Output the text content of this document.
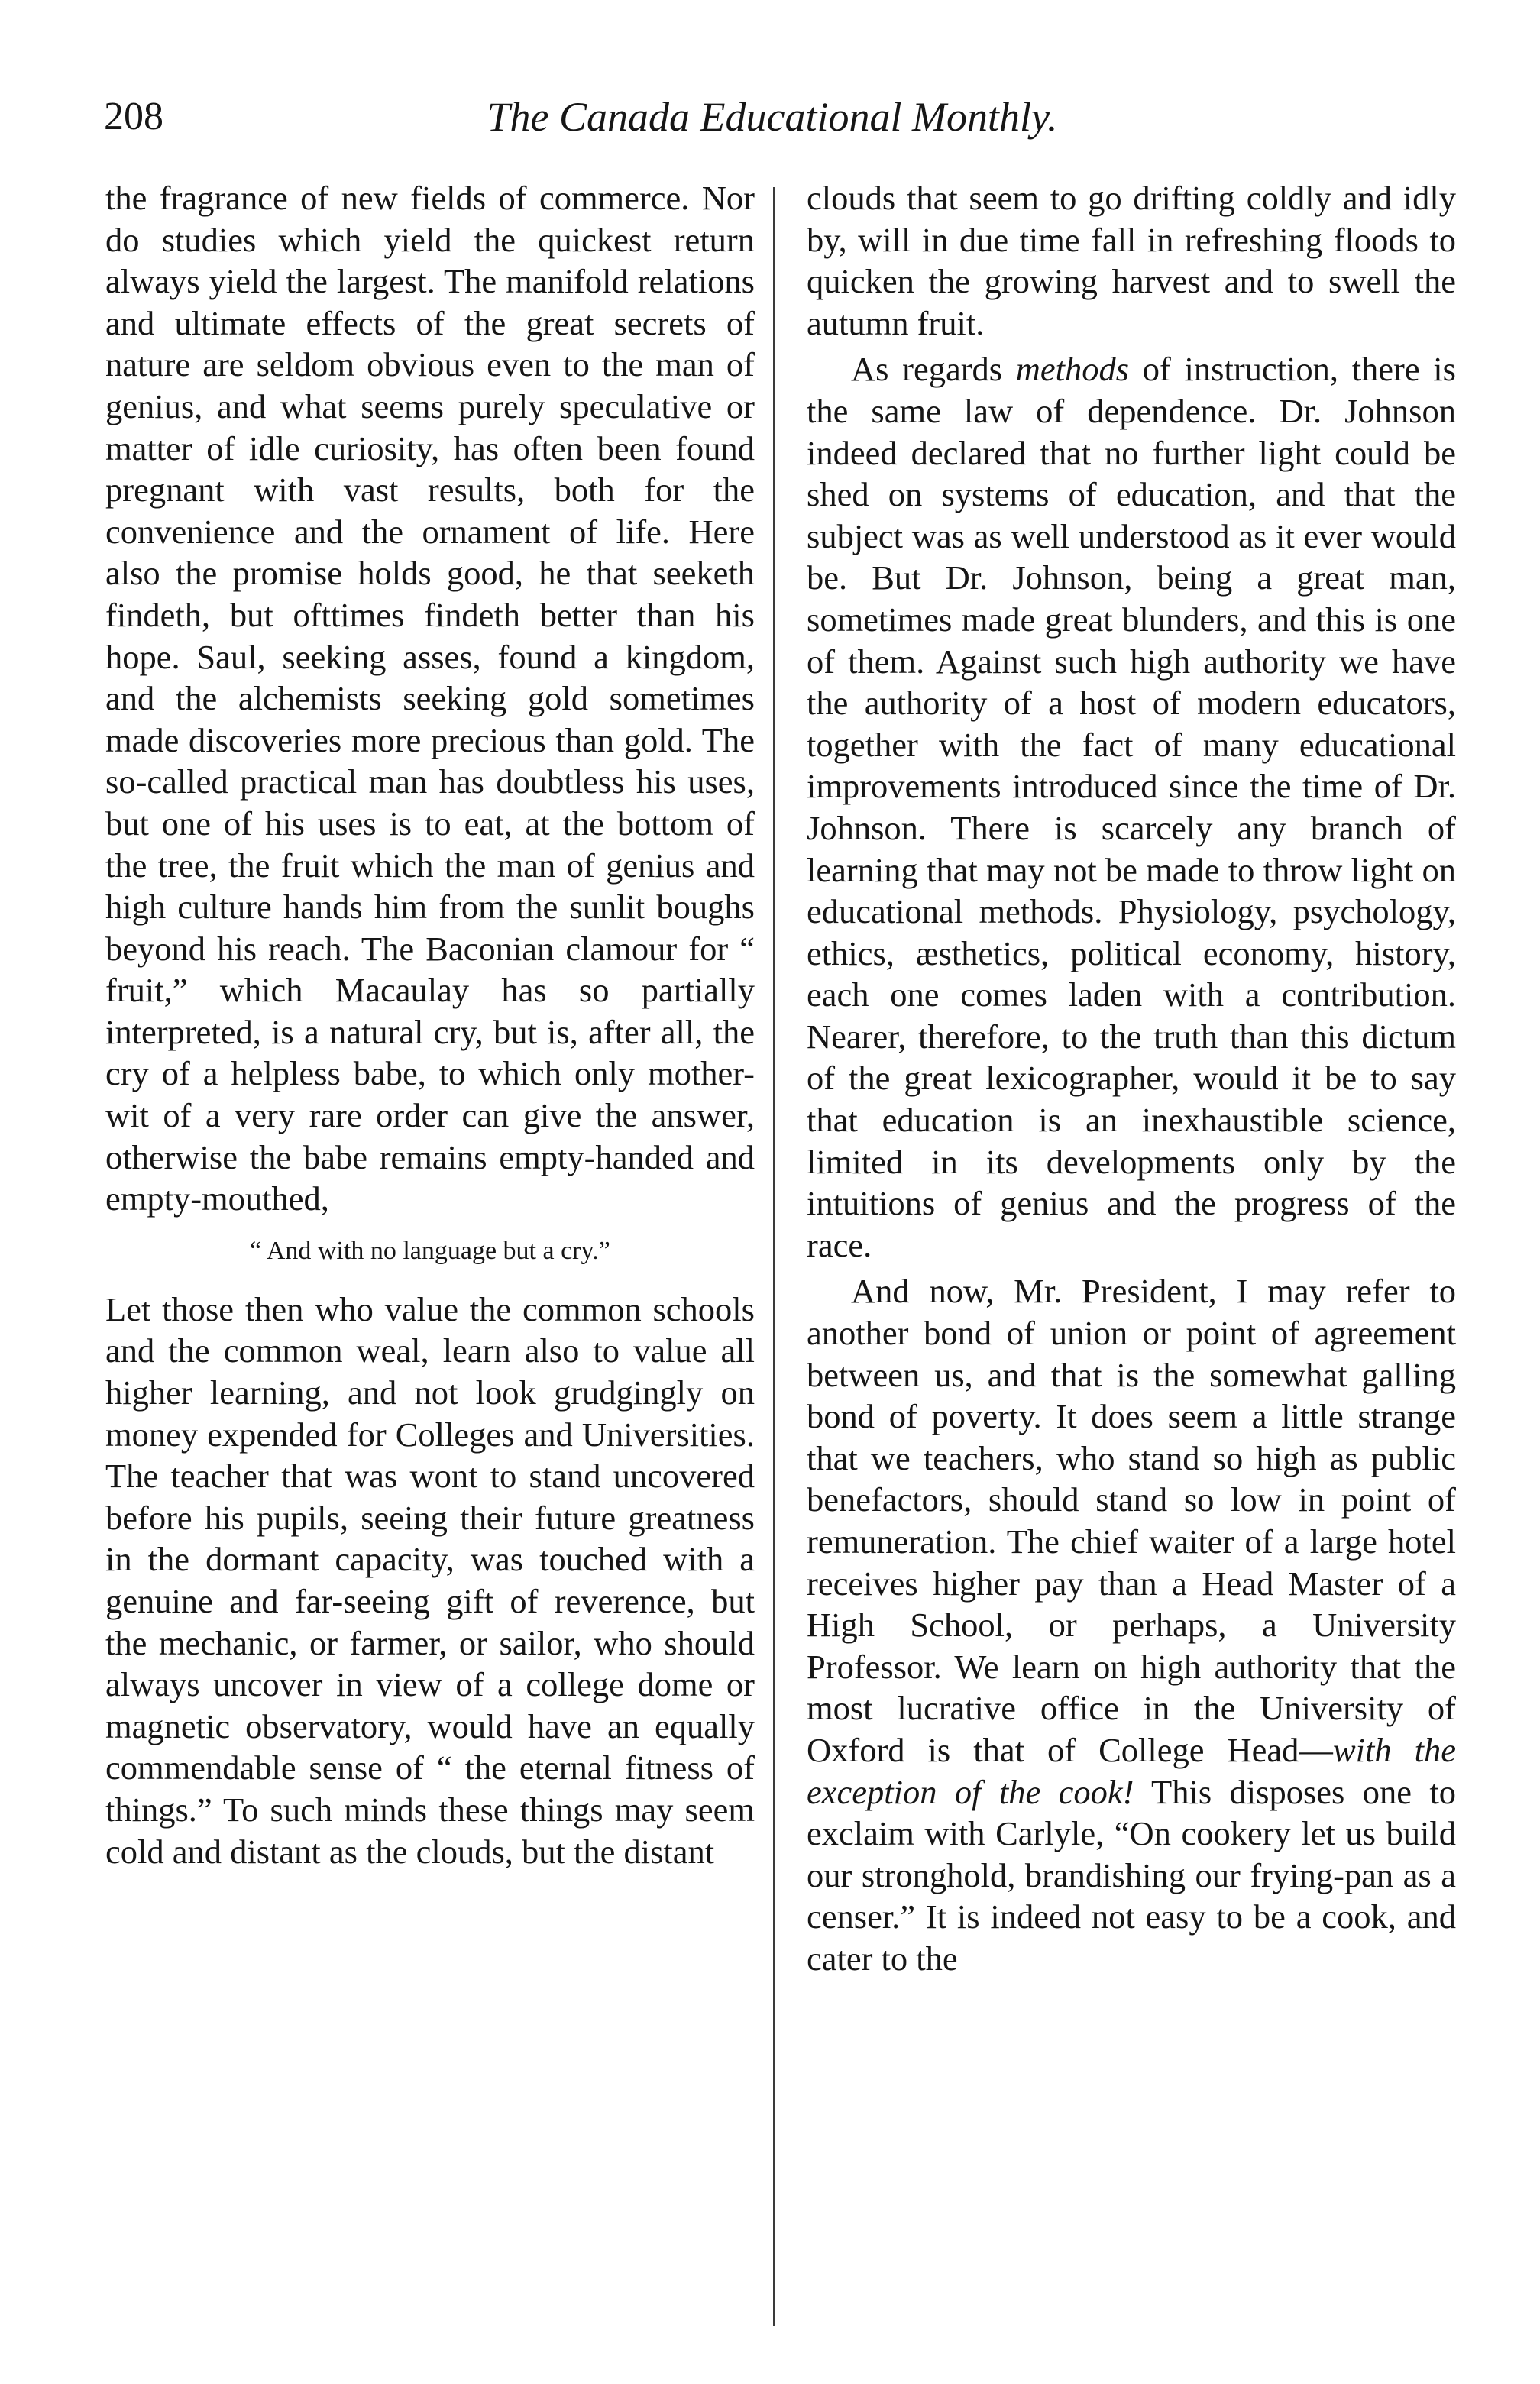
208	The Canada Educational Monthly.

the fragrance of new fields of commerce. Nor do studies which yield the quickest return always yield the largest. The manifold relations and ultimate effects of the great secrets of nature are seldom obvious even to the man of genius, and what seems purely speculative or matter of idle curiosity, has often been found pregnant with vast results, both for the convenience and the ornament of life. Here also the promise holds good, he that seeketh findeth, but ofttimes findeth better than his hope. Saul, seeking asses, found a kingdom, and the alchemists seeking gold sometimes made discoveries more precious than gold. The so-called practical man has doubtless his uses, but one of his uses is to eat, at the bottom of the tree, the fruit which the man of genius and high culture hands him from the sunlit boughs beyond his reach. The Baconian clamour for “ fruit,” which Macaulay has so partially interpreted, is a natural cry, but is, after all, the cry of a helpless babe, to which only mother-wit of a very rare order can give the answer, otherwise the babe remains empty-handed and empty-mouthed,

“ And with no language but a cry.”

Let those then who value the common schools and the common weal, learn also to value all higher learning, and not look grudgingly on money expended for Colleges and Universities. The teacher that was wont to stand uncovered before his pupils, seeing their future greatness in the dormant capacity, was touched with a genuine and far-seeing gift of reverence, but the mechanic, or farmer, or sailor, who should always uncover in view of a college dome or magnetic observatory, would have an equally commendable sense of “ the eternal fitness of things.” To such minds these things may seem cold and distant as the clouds, but the distant

clouds that seem to go drifting coldly and idly by, will in due time fall in refreshing floods to quicken the growing harvest and to swell the autumn fruit.

As regards methods of instruction, there is the same law of dependence. Dr. Johnson indeed declared that no further light could be shed on systems of education, and that the subject was as well understood as it ever would be. But Dr. Johnson, being a great man, sometimes made great blunders, and this is one of them. Against such high authority we have the authority of a host of modern educators, together with the fact of many educational improvements introduced since the time of Dr. Johnson. There is scarcely any branch of learning that may not be made to throw light on educational methods. Physiology, psychology, ethics, æsthetics, political economy, history, each one comes laden with a contribution. Nearer, therefore, to the truth than this dictum of the great lexicographer, would it be to say that education is an inexhaustible science, limited in its developments only by the intuitions of genius and the progress of the race.

And now, Mr. President, I may refer to another bond of union or point of agreement between us, and that is the somewhat galling bond of poverty. It does seem a little strange that we teachers, who stand so high as public benefactors, should stand so low in point of remuneration. The chief waiter of a large hotel receives higher pay than a Head Master of a High School, or perhaps, a University Professor. We learn on high authority that the most lucrative office in the University of Oxford is that of College Head—with the exception of the cook! This disposes one to exclaim with Carlyle, “On cookery let us build our stronghold, brandishing our frying-pan as a censer.” It is indeed not easy to be a cook, and cater to the
